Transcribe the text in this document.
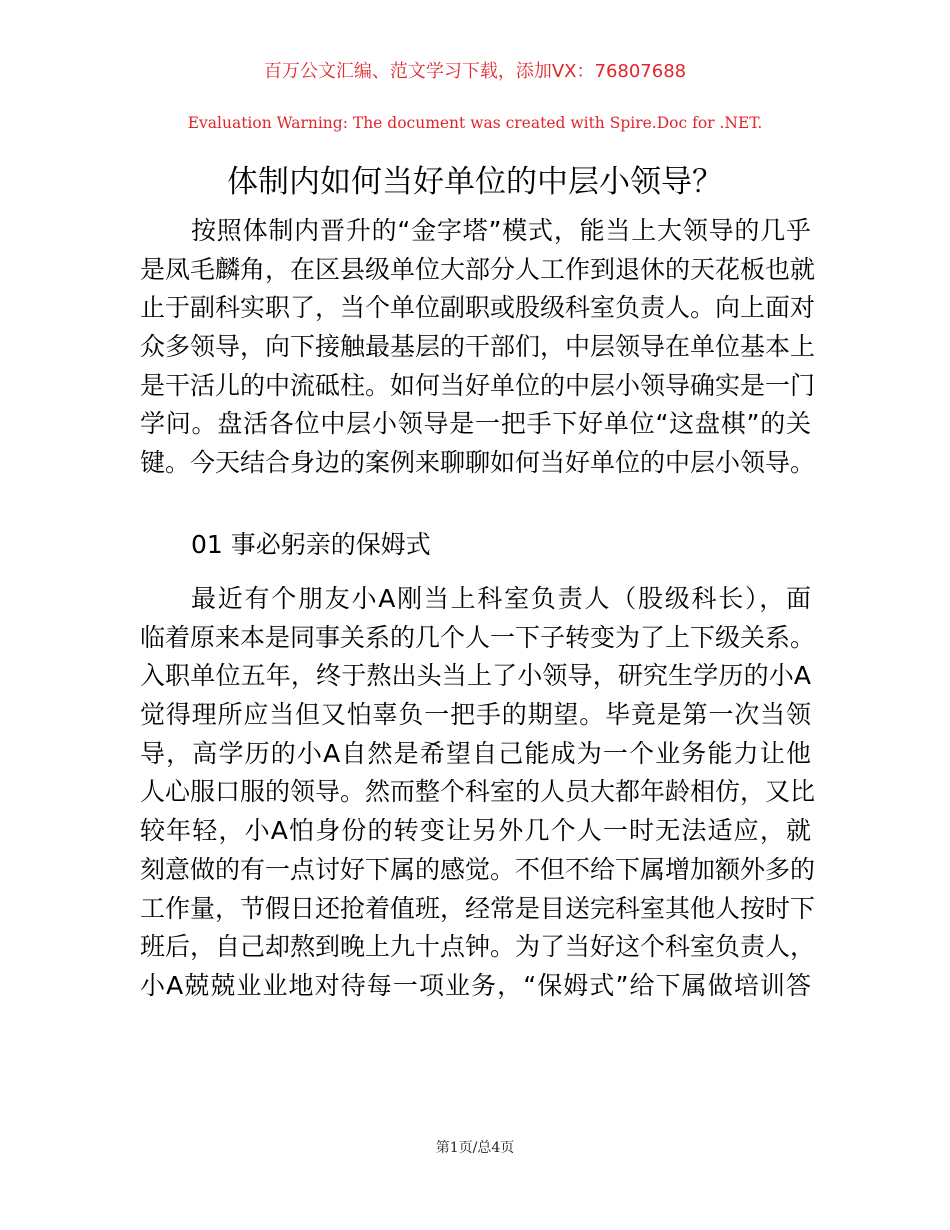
百万公文汇编、范文学习下载，添加VX：76807688
Evaluation Warning: The document was created with Spire.Doc for .NET.
体制内如何当好单位的中层小领导？
按照体制内晋升的“金字塔”模式，能当上大领导的几乎
是凤毛麟角，在区县级单位大部分人工作到退休的天花板也就
止于副科实职了，当个单位副职或股级科室负责人。向上面对
众多领导，向下接触最基层的干部们，中层领导在单位基本上
是干活儿的中流砥柱。如何当好单位的中层小领导确实是一门
学问。盘活各位中层小领导是一把手下好单位“这盘棋”的关
键。今天结合身边的案例来聊聊如何当好单位的中层小领导。
01 事必躬亲的保姆式
最近有个朋友小A刚当上科室负责人（股级科长），面
临着原来本是同事关系的几个人一下子转变为了上下级关系。
入职单位五年，终于熬出头当上了小领导，研究生学历的小A
觉得理所应当但又怕辜负一把手的期望。毕竟是第一次当领
导，高学历的小A自然是希望自己能成为一个业务能力让他
人心服口服的领导。然而整个科室的人员大都年龄相仿，又比
较年轻，小A怕身份的转变让另外几个人一时无法适应，就
刻意做的有一点讨好下属的感觉。不但不给下属增加额外多的
工作量，节假日还抢着值班，经常是目送完科室其他人按时下
班后，自己却熬到晚上九十点钟。为了当好这个科室负责人，
小A兢兢业业地对待每一项业务，“保姆式”给下属做培训答
第1页/总4页
